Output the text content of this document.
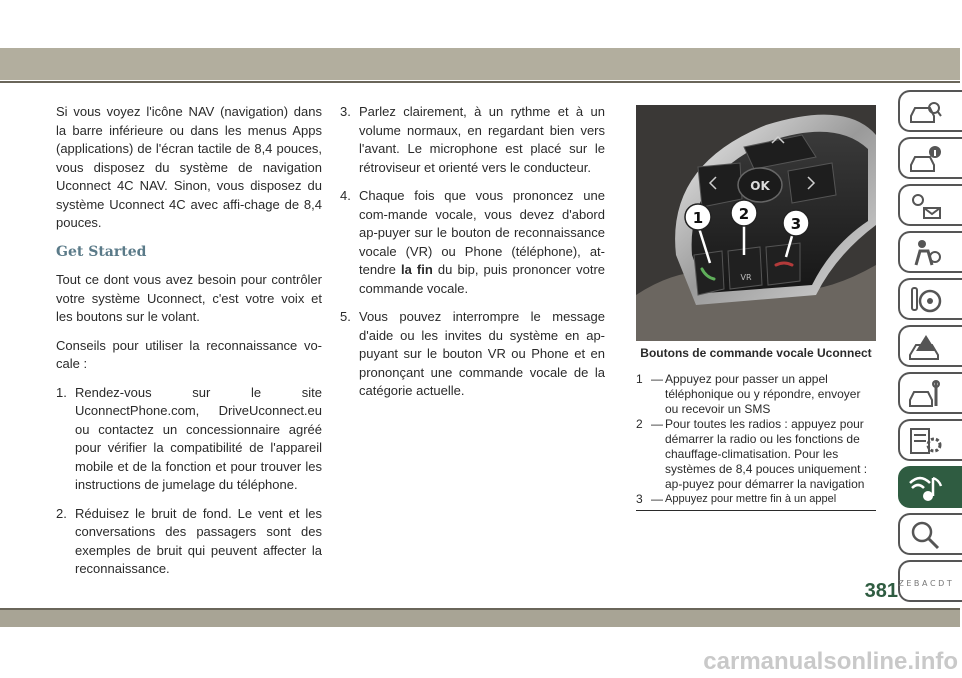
Si vous voyez l'icône NAV (navigation) dans la barre inférieure ou dans les menus Apps (applications) de l'écran tactile de 8,4 pouces, vous disposez du système de navigation Uconnect 4C NAV. Sinon, vous disposez du système Uconnect 4C avec affi-chage de 8,4 pouces.

Get Started

Tout ce dont vous avez besoin pour contrôler votre système Uconnect, c'est votre voix et les boutons sur le volant.

Conseils pour utiliser la reconnaissance vo-cale :

1. Rendez-vous sur le site UconnectPhone.com, DriveUconnect.eu ou contactez un concessionnaire agréé pour vérifier la compatibilité de l'appareil mobile et de la fonction et pour trouver les instructions de jumelage du téléphone.
2. Réduisez le bruit de fond. Le vent et les conversations des passagers sont des exemples de bruit qui peuvent affecter la reconnaissance.
3. Parlez clairement, à un rythme et à un volume normaux, en regardant bien vers l'avant. Le microphone est placé sur le rétroviseur et orienté vers le conducteur.
4. Chaque fois que vous prononcez une com-mande vocale, vous devez d'abord ap-puyer sur le bouton de reconnaissance vocale (VR) ou Phone (téléphone), at-tendre la fin du bip, puis prononcer votre commande vocale.
5. Vous pouvez interrompre le message d'aide ou les invites du système en ap-puyant sur le bouton VR ou Phone et en prononçant une commande vocale de la catégorie actuelle.
OK
VR
1 2
3
Boutons de commande vocale Uconnect
1 — Appuyez pour passer un appel téléphonique ou y répondre, envoyer ou recevoir un SMS
2 — Pour toutes les radios : appuyez pour démarrer la radio ou les fonctions de chauffage-climatisation. Pour les systèmes de 8,4 pouces uniquement : ap-puyez pour démarrer la navigation
3 — Appuyez pour mettre fin à un appel
Z E B A C D T
381
carmanualsonline.info
